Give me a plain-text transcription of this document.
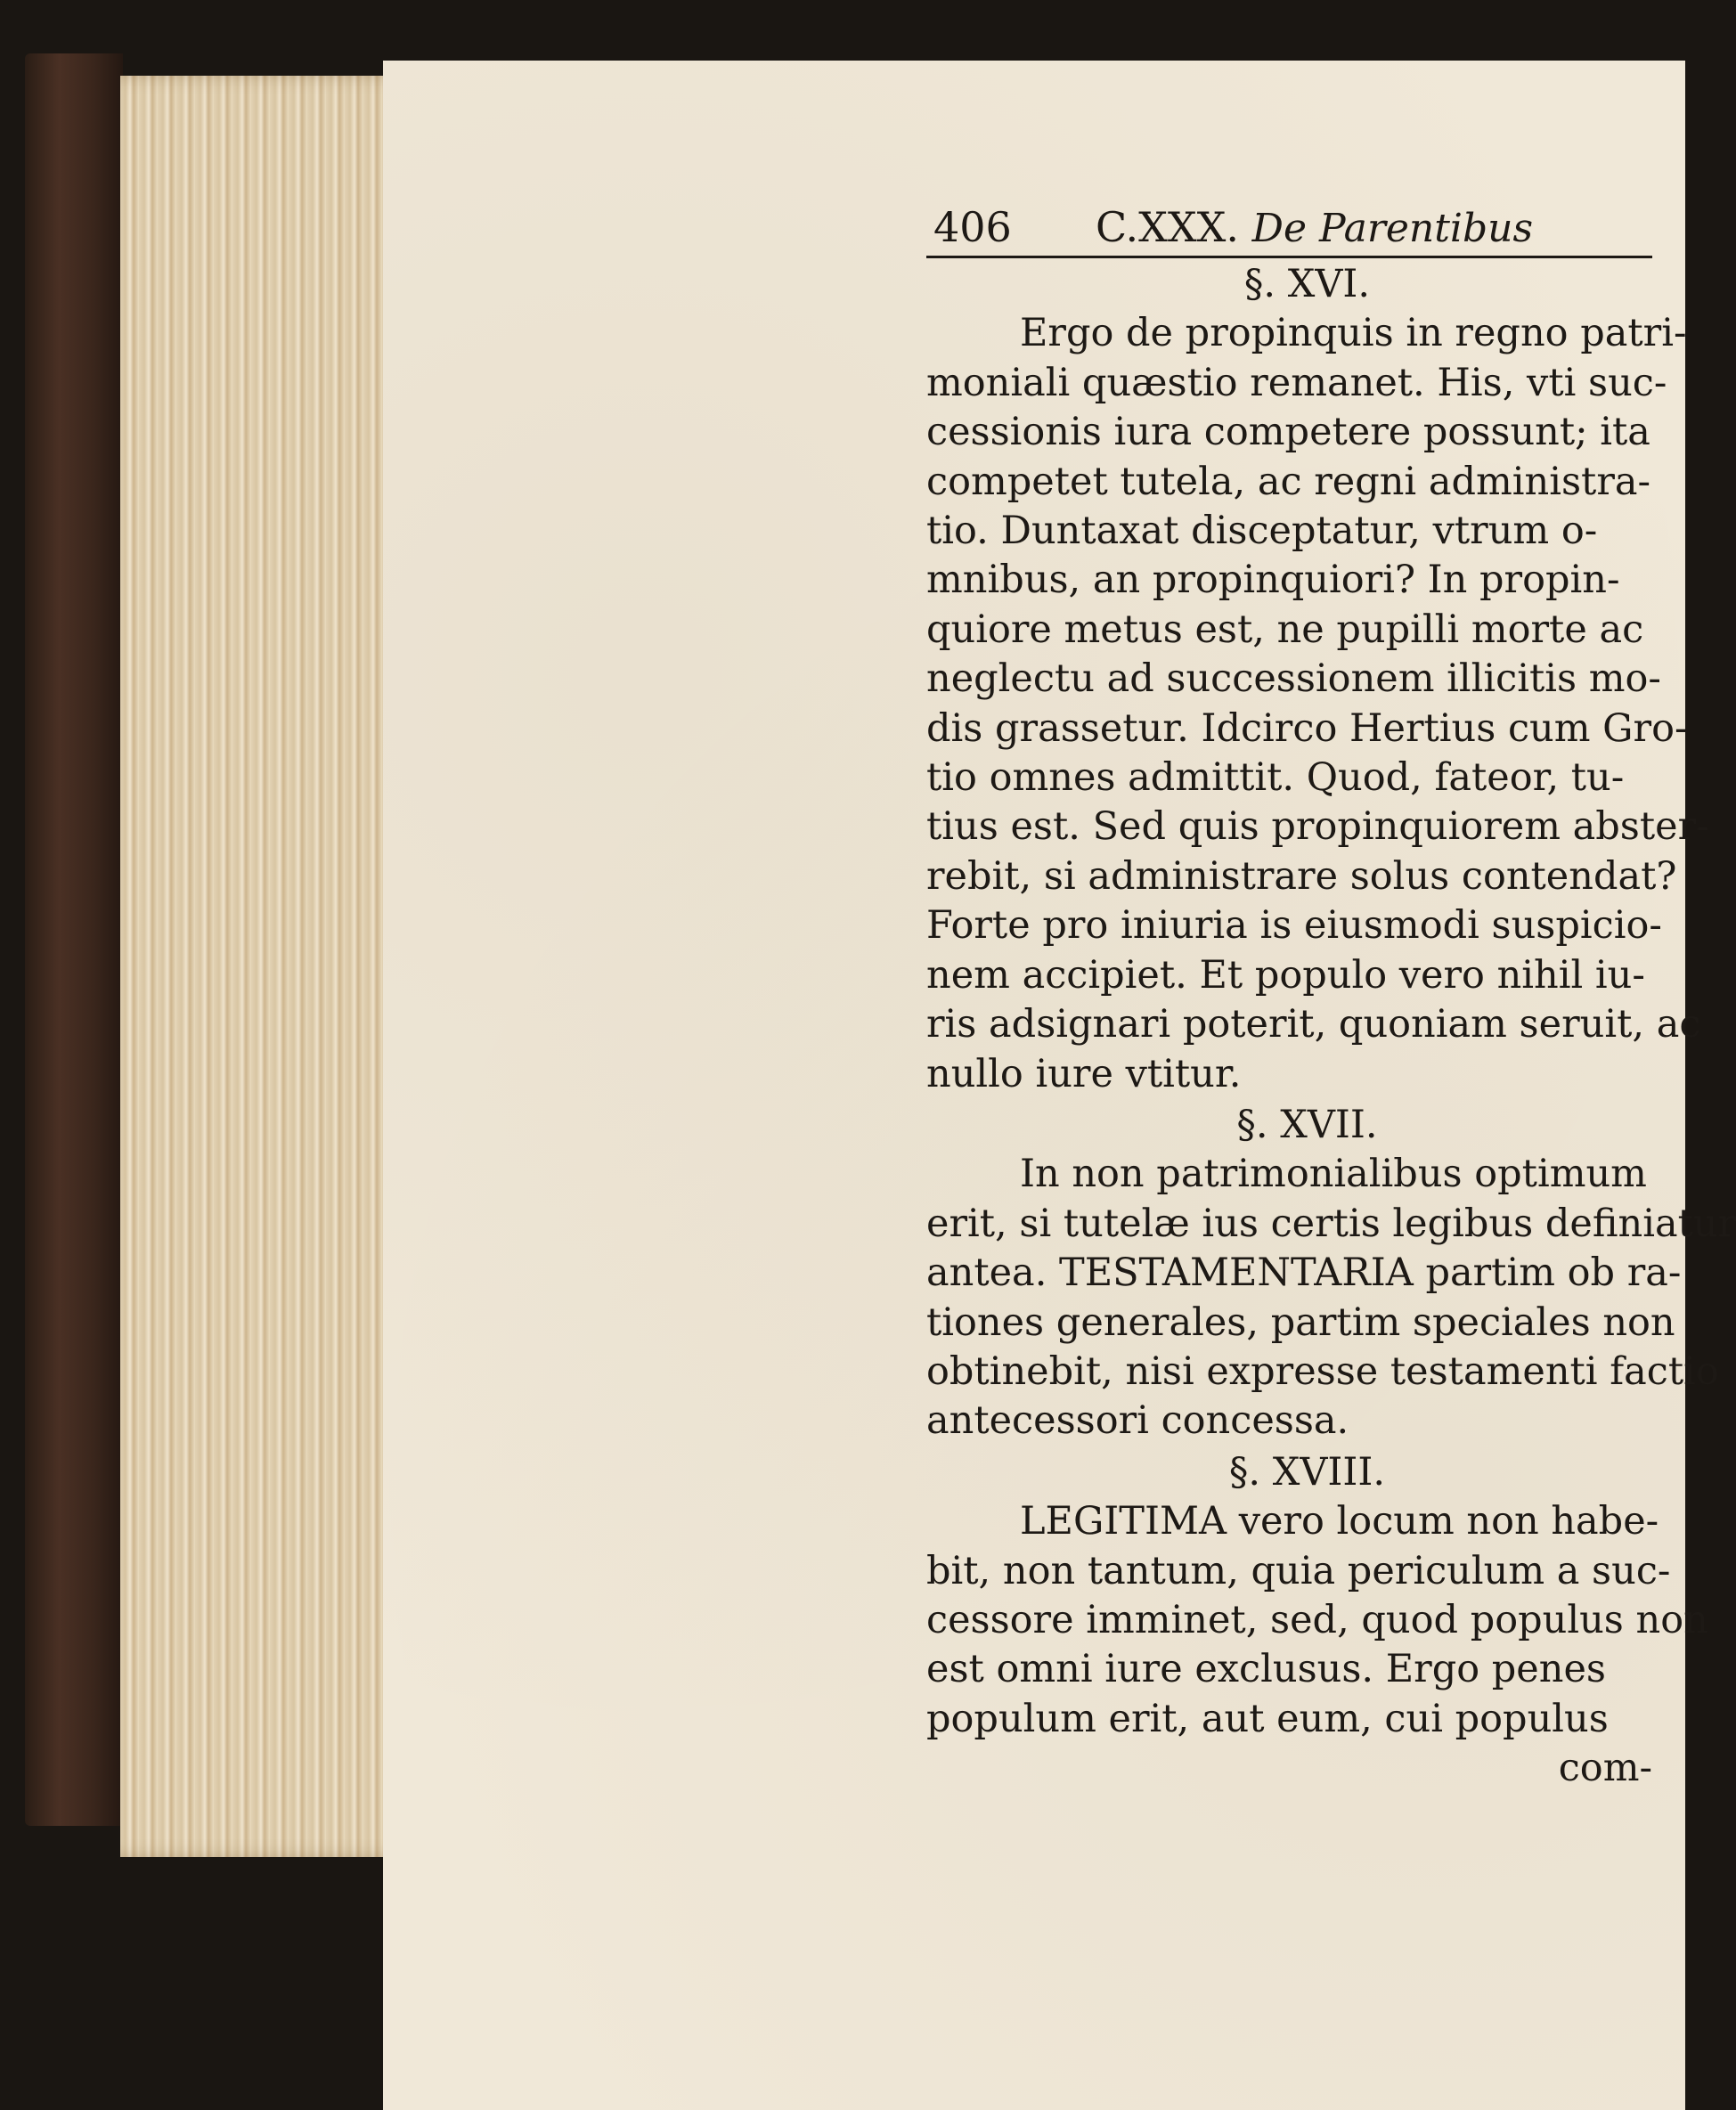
406 C.XXX. De Parentibus
§. XVI.
Ergo de propinquis in regno patri-
moniali quæstio remanet. His, vti suc-
cessionis iura competere possunt; ita
competet tutela, ac regni administra-
tio. Duntaxat disceptatur, vtrum o-
mnibus, an propinquiori? In propin-
quiore metus est, ne pupilli morte ac
neglectu ad successionem illicitis mo-
dis grassetur. Idcirco Hertius cum Gro-
tio omnes admittit. Quod, fateor, tu-
tius est. Sed quis propinquiorem abster-
rebit, si administrare solus contendat?
Forte pro iniuria is eiusmodi suspicio-
nem accipiet. Et populo vero nihil iu-
ris adsignari poterit, quoniam seruit, ac
nullo iure vtitur.
§. XVII.
In non patrimonialibus optimum
erit, si tutelæ ius certis legibus definiatur
antea. TESTAMENTARIA partim ob ra-
tiones generales, partim speciales non
obtinebit, nisi expresse testamenti factio
antecessori concessa.
§. XVIII.
LEGITIMA vero locum non habe-
bit, non tantum, quia periculum a suc-
cessore imminet, sed, quod populus non
est omni iure exclusus. Ergo penes
populum erit, aut eum, cui populus
com-
